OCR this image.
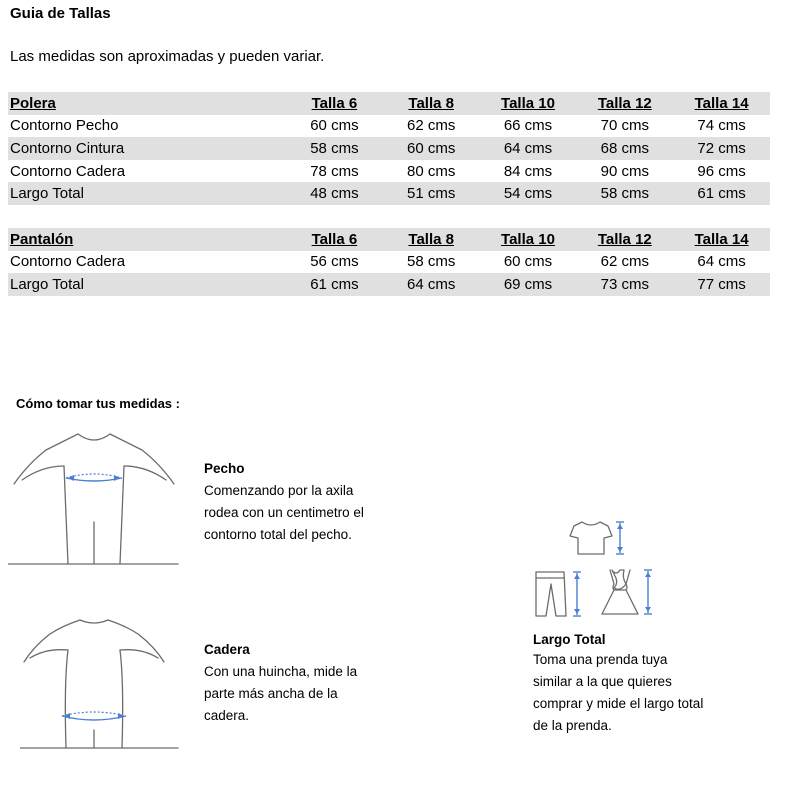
Guia de Tallas
Las medidas son aproximadas y pueden variar.
Polera	Talla 6	Talla 8	Talla 10	Talla 12	Talla 14
Contorno Pecho	60 cms	62 cms	66 cms	70 cms	74 cms
Contorno Cintura	58 cms	60 cms	64 cms	68 cms	72 cms
Contorno Cadera	78 cms	80 cms	84 cms	90 cms	96 cms
Largo Total	48 cms	51 cms	54 cms	58 cms	61 cms
Pantalón	Talla 6	Talla 8	Talla 10	Talla 12	Talla 14
Contorno Cadera	56 cms	58 cms	60 cms	62 cms	64 cms
Largo Total	61 cms	64 cms	69 cms	73 cms	77 cms
Cómo tomar tus medidas :
Pecho
Comenzando por la axila
rodea con un centimetro el
contorno total del pecho.
Cadera
Con una huincha, mide la
parte más ancha de la
cadera.
Largo Total
Toma una prenda tuya
similar a la que quieres
comprar y mide el largo total
de la prenda.
